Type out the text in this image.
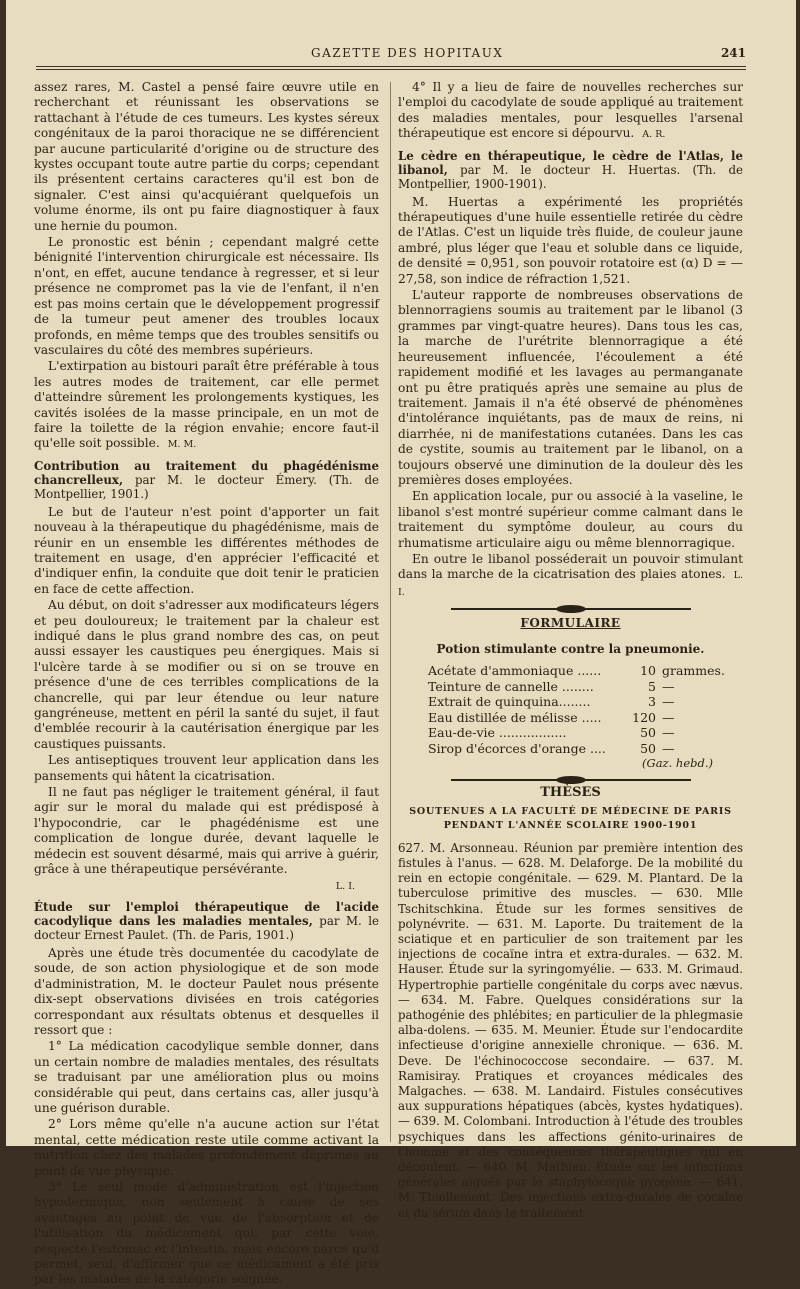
GAZETTE DES HOPITAUX	241

assez rares, M. Castel a pensé faire œuvre utile en recherchant et réunissant les observations se rattachant à l'étude de ces tumeurs. Les kystes séreux congénitaux de la paroi thoracique ne se différencient par aucune particularité d'origine ou de structure des kystes occupant toute autre partie du corps; cependant ils présentent certains caracteres qu'il est bon de signaler. C'est ainsi qu'acquiérant quelquefois un volume énorme, ils ont pu faire diagnostiquer à faux une hernie du poumon.

Le pronostic est bénin ; cependant malgré cette bénignité l'intervention chirurgicale est nécessaire. Ils n'ont, en effet, aucune tendance à regresser, et si leur présence ne compromet pas la vie de l'enfant, il n'en est pas moins certain que le développement progressif de la tumeur peut amener des troubles locaux profonds, en même temps que des troubles sensitifs ou vasculaires du côté des membres supérieurs.

L'extirpation au bistouri paraît être préférable à tous les autres modes de traitement, car elle permet d'atteindre sûrement les prolongements kystiques, les cavités isolées de la masse principale, en un mot de faire la toilette de la région envahie; encore faut-il qu'elle soit possible. M. M.

Contribution au traitement du phagédénisme chancrelleux, par M. le docteur Émery. (Th. de Montpellier, 1901.)

Le but de l'auteur n'est point d'apporter un fait nouveau à la thérapeutique du phagédénisme, mais de réunir en un ensemble les différentes méthodes de traitement en usage, d'en apprécier l'efficacité et d'indiquer enfin, la conduite que doit tenir le praticien en face de cette affection.

Au début, on doit s'adresser aux modificateurs légers et peu douloureux; le traitement par la chaleur est indiqué dans le plus grand nombre des cas, on peut aussi essayer les caustiques peu énergiques. Mais si l'ulcère tarde à se modifier ou si on se trouve en présence d'une de ces terribles complications de la chancrelle, qui par leur étendue ou leur nature gangréneuse, mettent en péril la santé du sujet, il faut d'emblée recourir à la cautérisation énergique par les caustiques puissants.

Les antiseptiques trouvent leur application dans les pansements qui hâtent la cicatrisation.

Il ne faut pas négliger le traitement général, il faut agir sur le moral du malade qui est prédisposé à l'hypocondrie, car le phagédénisme est une complication de longue durée, devant laquelle le médecin est souvent désarmé, mais qui arrive à guérir, grâce à une thérapeutique persévérante.

L. I.
Étude sur l'emploi thérapeutique de l'acide cacodylique dans les maladies mentales, par M. le docteur Ernest Paulet. (Th. de Paris, 1901.)

Après une étude très documentée du cacodylate de soude, de son action physiologique et de son mode d'administration, M. le docteur Paulet nous présente dix-sept observations divisées en trois catégories correspondant aux résultats obtenus et desquelles il ressort que :

1° La médication cacodylique semble donner, dans un certain nombre de maladies mentales, des résultats se traduisant par une amélioration plus ou moins considérable qui peut, dans certains cas, aller jusqu'à une guérison durable.

2° Lors même qu'elle n'a aucune action sur l'état mental, cette médication reste utile comme activant la nutrition chez des malades profondément déprimés au point de vue physique.

3° Le seul mode d'administration est l'injection hypodermique, non seulement à cause de ses avantages au point de vue de l'absorption et de l'utilisation du médicament qui, par cette voie, respecte l'estomac et l'intestin, mais encore parce qu'il permet, seul, d'affirmer que ce médicament a été pris par les malades de la catégorie soignée.

4° Il y a lieu de faire de nouvelles recherches sur l'emploi du cacodylate de soude appliqué au traitement des maladies mentales, pour lesquelles l'arsenal thérapeutique est encore si dépourvu. A. R.

Le cèdre en thérapeutique, le cèdre de l'Atlas, le libanol, par M. le docteur H. Huertas. (Th. de Montpellier, 1900-1901).

M. Huertas a expérimenté les propriétés thérapeutiques d'une huile essentielle retirée du cèdre de l'Atlas. C'est un liquide très fluide, de couleur jaune ambré, plus léger que l'eau et soluble dans ce liquide, de densité = 0,951, son pouvoir rotatoire est (α) D = — 27,58, son indice de réfraction 1,521.

L'auteur rapporte de nombreuses observations de blennorragiens soumis au traitement par le libanol (3 grammes par vingt-quatre heures). Dans tous les cas, la marche de l'urétrite blennorragique a été heureusement influencée, l'écoulement a été rapidement modifié et les lavages au permanganate ont pu être pratiqués après une semaine au plus de traitement. Jamais il n'a été observé de phénomènes d'intolérance inquiétants, pas de maux de reins, ni diarrhée, ni de manifestations cutanées. Dans les cas de cystite, soumis au traitement par le libanol, on a toujours observé une diminution de la douleur dès les premières doses employées.

En application locale, pur ou associé à la vaseline, le libanol s'est montré supérieur comme calmant dans le traitement du symptôme douleur, au cours du rhumatisme articulaire aigu ou même blennorragique.

En outre le libanol posséderait un pouvoir stimulant dans la marche de la cicatrisation des plaies atones. L. I.

FORMULAIRE
Potion stimulante contre la pneumonie.
Acétate d'ammoniaque ......	10	grammes.
Teinture de cannelle ........	5	—
Extrait de quinquina........	3	—
Eau distillée de mélisse .....	120	—
Eau-de-vie .................	50	—
Sirop d'écorces d'orange ....	50	—
(Gaz. hebd.)
THÈSES
SOUTENUES A LA FACULTÉ DE MÉDECINE DE PARIS
PENDANT L'ANNÉE SCOLAIRE 1900-1901

627. M. Arsonneau. Réunion par première intention des fistules à l'anus. — 628. M. Delaforge. De la mobilité du rein en ectopie congénitale. — 629. M. Plantard. De la tuberculose primitive des muscles. — 630. Mlle Tschitschkina. Étude sur les formes sensitives de polynévrite. — 631. M. Laporte. Du traitement de la sciatique et en particulier de son traitement par les injections de cocaïne intra et extra-durales. — 632. M. Hauser. Étude sur la syringomyélie. — 633. M. Grimaud. Hypertrophie partielle congénitale du corps avec nævus. — 634. M. Fabre. Quelques considérations sur la pathogénie des phlébites; en particulier de la phlegmasie alba-dolens. — 635. M. Meunier. Étude sur l'endocardite infectieuse d'origine annexielle chronique. — 636. M. Deve. De l'échinococcose secondaire. — 637. M. Ramisiray. Pratiques et croyances médicales des Malgaches. — 638. M. Landaird. Fistules consécutives aux suppurations hépatiques (abcès, kystes hydatiques). — 639. M. Colombani. Introduction à l'étude des troubles psychiques dans les affections génito-urinaires de l'homme et des conséquences thérapeutiques qui en découlent. — 640. M. Mathieu. Étude sur les infections générales aiguës par le staphylocoque pyogène. — 641. M. Thiellement. Des injections extra-durales de cocaïne et du sérum dans le traitement
